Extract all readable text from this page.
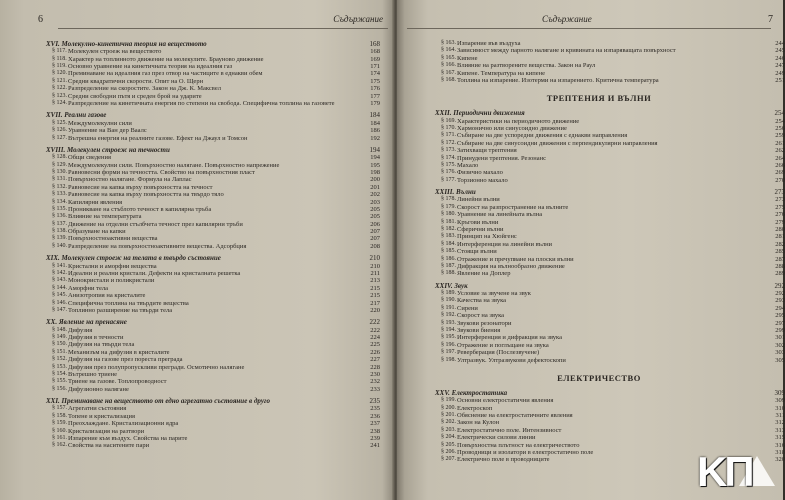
6	Съдържание
XVI. Молекулно-кинетична теория на веществото	168
§ 117. Молекулен строеж на веществото	168
§ 118. Характер на топлинното движение на молекулите. Брауново движение	169
§ 119. Основно уравнение на кинетичната теория на идеалния газ	171
§ 120. Преминаване на идеалния газ през отвор на частиците в еднакви обем	174
§ 121. Средни квадратични скорости. Опит на О. Щерн	175
§ 122. Разпределение на скоростите. Закон на Дж. К. Максвел	176
§ 123. Средни свободни пътя и среден брой на ударите	177
§ 124. Разпределение на кинетичната енергия по степени на свобода. Специфична топлина на газовете	179
XVII. Реални газове	184
§ 125. Междумолекулни сили	184
§ 126. Уравнение на Ван дер Ваалс	186
§ 127. Вътрешна енергия на реалните газове. Ефект на Джаул и Томсон	192
XVIII. Молекулен строеж на течности	194
§ 128. Общи сведения	194
§ 129. Междумолекулни сили. Повърхностно налягане. Повърхностно напрежение	195
§ 130. Равновесни форми на течността. Свойство на повърхностния пласт	198
§ 131. Повърхностно налягане. Формула на Лаплас	200
§ 132. Равновесие на капка върху повърхността на течност	201
§ 133. Равновесие на капка върху повърхността на твърдо тяло	202
§ 134. Капилярни явления	203
§ 135. Проникване на стъблото течност в капилярна тръба	205
§ 136. Влияние на температурата	205
§ 137. Движение на отделни стълбчета течност през капилярни тръби	206
§ 138. Образуване на капки	207
§ 139. Повърхностноактивни вещества	207
§ 140. Разпределение на повърхностноактивните вещества. Адсорбция	208
XIX. Молекулен строеж на телата в твърдо състояние	210
§ 141. Кристални и аморфни вещества	210
§ 142. Идеални и реални кристали. Дефекти на кристалната решетка	211
§ 143. Монокристали и поликристали	213
§ 144. Аморфни тела	215
§ 145. Анизотропия на кристалите	215
§ 146. Специфична топлина на твърдите вещества	217
§ 147. Топлинно разширение на твърди тела	220
XX. Явление на пренасяне	222
§ 148. Дифузия	222
§ 149. Дифузия в течности	224
§ 150. Дифузия на твърди тела	225
§ 151. Механизъм на дифузия в кристалите	226
§ 152. Дифузия на газове през пореста преграда	227
§ 153. Дифузия през полупропускливи прегради. Осмотично налягане	228
§ 154. Вътрешно триене	230
§ 155. Триене на газове. Топлопроводност	232
§ 156. Дифузионно налягане	233
XXI. Преминаване на веществото от едно агрегатно състояние в друго	235
§ 157. Агрегатни състояния	235
§ 158. Топене и кристализация	236
§ 159. Преохлаждане. Кристализационни ядра	237
§ 160. Кристализация на разтвори	238
§ 161. Изпарение към въздух. Свойства на парите	239
§ 162. Свойства на наситените пари	241
Съдържание	7
§ 163. Изпарение във въздуха	244
§ 164. Зависимост между парното налягане и кривината на изпаряващата повърхност	245
§ 165. Кипене	246
§ 166. Влияние на разтворените вещества. Закон на Раул	247
§ 167. Кипене. Температура на кипене	249
§ 168. Топлина на изпарение. Изотерми на изпарението. Критична температура	251
ТРЕПТЕНИЯ И ВЪЛНИ
XXII. Периодични движения	254
§ 169. Характеристики на периодичното движение	254
§ 170. Хармонично или синусоидно движение	256
§ 171. Събиране на две успоредни движения с еднакви направления	259
§ 172. Събиране на две синусоидни движения с перпендикулярни направления	261
§ 173. Затихващи трептения	262
§ 174. Принудени трептения. Резонанс	264
§ 175. Махало	266
§ 176. Физично махало	269
§ 177. Торзионно махало	270
XXIII. Вълни	273
§ 178. Линейни вълни	273
§ 179. Скорост на разпространение на вълните	275
§ 180. Уравнение на линейната вълна	276
§ 181. Кръгови вълни	279
§ 182. Сферични вълни	280
§ 183. Принцип на Хюйгенс	281
§ 184. Интерференция на линейни вълни	282
§ 185. Стоящи вълни	285
§ 186. Отражение и пречупване на плоски вълни	287
§ 187. Дифракция на вълнообразно движение	288
§ 188. Явление на Доплер	289
XXIV. Звук	292
§ 189. Условие за звучене на звук	292
§ 190. Качества на звука	293
§ 191. Сирени	294
§ 192. Скорост на звука	295
§ 193. Звукови резонатори	297
§ 194. Звукови биения	299
§ 195. Интерференция и дифракция на звука	301
§ 196. Отражение и поглъщане на звука	302
§ 197. Реверберация (Послезвучене)	303
§ 198. Ултразвук. Ултразвукови дефектоскопи	305
ЕЛЕКТРИЧЕСТВО
XXV. Електростатика	309
§ 199. Основни електростатични явления	309
§ 200. Електроскоп	310
§ 201. Обяснение на електростатичните явления	311
§ 202. Закон на Кулон	312
§ 203. Електростатично поле. Интензивност	313
§ 204. Електрически силови линии	315
§ 205. Повърхностна плътност на електричеството	316
§ 206. Проводници и изолатори в електростатично поле	318
§ 207. Електрично поле в проводниците	320
KП
